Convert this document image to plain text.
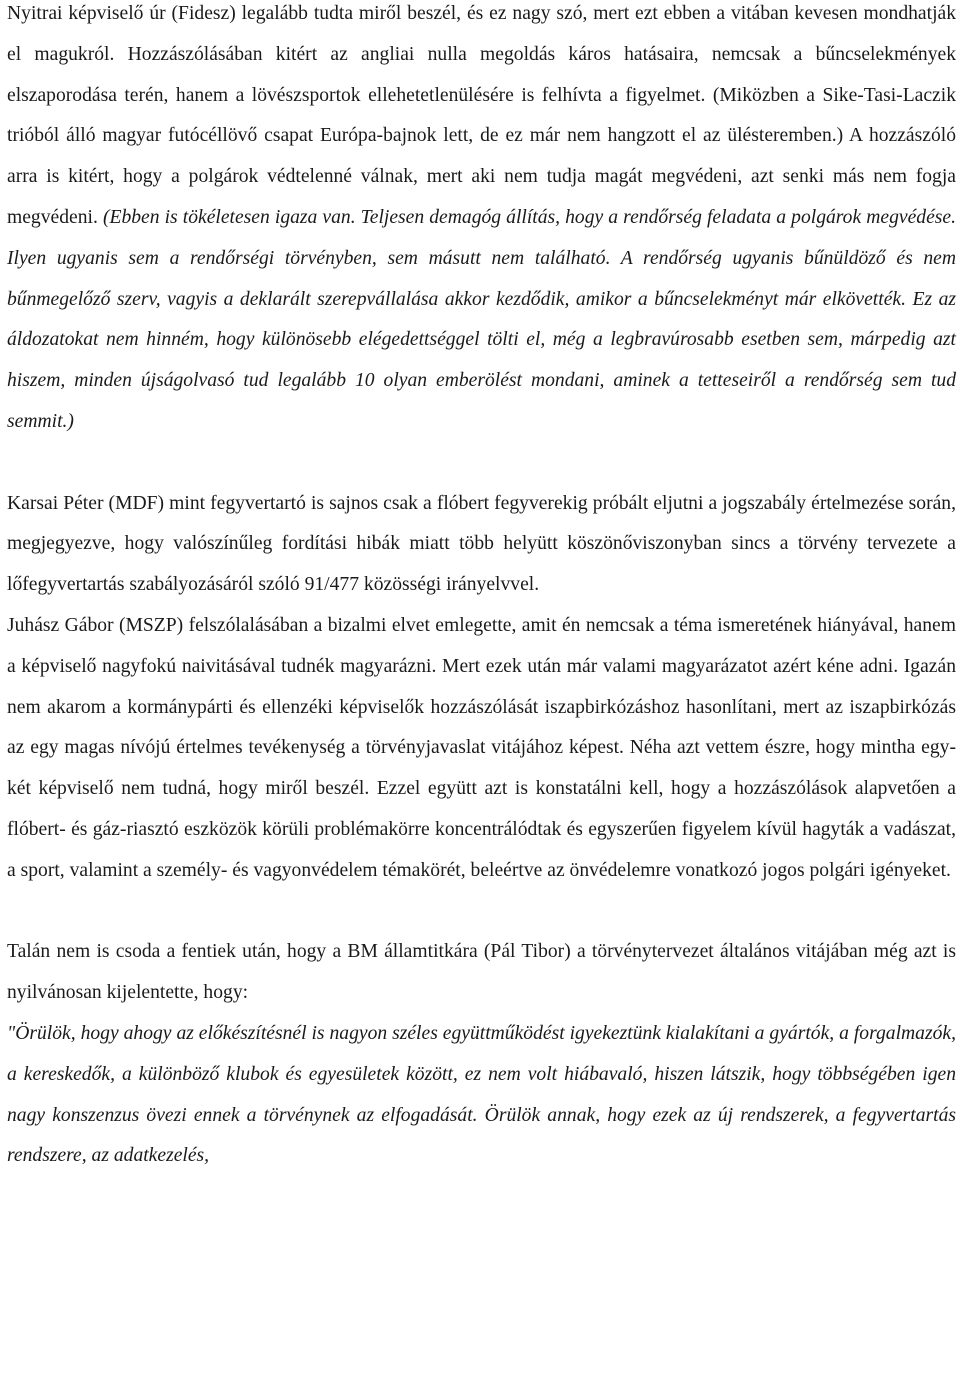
Nyitrai képviselő úr (Fidesz) legalább tudta miről beszél, és ez nagy szó, mert ezt ebben a vitában kevesen mondhatják el magukról. Hozzászólásában kitért az angliai nulla megoldás káros hatásaira, nemcsak a bűncselekmények elszaporodása terén, hanem a lövészsportok ellehetetlenülésére is felhívta a figyelmet. (Miközben a Sike-Tasi-Laczik trióból álló magyar futócéllövő csapat Európa-bajnok lett, de ez már nem hangzott el az ülésteremben.) A hozzászóló arra is kitért, hogy a polgárok védtelenné válnak, mert aki nem tudja magát megvédeni, azt senki más nem fogja megvédeni. (Ebben is tökéletesen igaza van. Teljesen demagóg állítás, hogy a rendőrség feladata a polgárok megvédése. Ilyen ugyanis sem a rendőrségi törvényben, sem másutt nem található. A rendőrség ugyanis bűnüldöző és nem bűnmegelőző szerv, vagyis a deklarált szerepvállalása akkor kezdődik, amikor a bűncselekményt már elkövették. Ez az áldozatokat nem hinném, hogy különösebb elégedettséggel tölti el, még a legbravúrosabb esetben sem, márpedig azt hiszem, minden újságolvasó tud legalább 10 olyan emberölést mondani, aminek a tetteseiről a rendőrség sem tud semmit.)

Karsai Péter (MDF) mint fegyvertartó is sajnos csak a flóbert fegyverekig próbált eljutni a jogszabály értelmezése során, megjegyezve, hogy valószínűleg fordítási hibák miatt több helyütt köszönőviszonyban sincs a törvény tervezete a lőfegyvertartás szabályozásáról szóló 91/477 közösségi irányelvvel.

Juhász Gábor (MSZP) felszólalásában a bizalmi elvet emlegette, amit én nemcsak a téma ismeretének hiányával, hanem a képviselő nagyfokú naivitásával tudnék magyarázni. Mert ezek után már valami magyarázatot azért kéne adni. Igazán nem akarom a kormánypárti és ellenzéki képviselők hozzászólását iszapbirkózáshoz hasonlítani, mert az iszapbirkózás az egy magas nívójú értelmes tevékenység a törvényjavaslat vitájához képest. Néha azt vettem észre, hogy mintha egy-két képviselő nem tudná, hogy miről beszél. Ezzel együtt azt is konstatálni kell, hogy a hozzászólások alapvetően a flóbert- és gáz-riasztó eszközök körüli problémakörre koncentrálódtak és egyszerűen figyelem kívül hagyták a vadászat, a sport, valamint a személy- és vagyonvédelem témakörét, beleértve az önvédelemre vonatkozó jogos polgári igényeket.

Talán nem is csoda a fentiek után, hogy a BM államtitkára (Pál Tibor) a törvénytervezet általános vitájában még azt is nyilvánosan kijelentette, hogy:

"Örülök, hogy ahogy az előkészítésnél is nagyon széles együttműködést igyekeztünk kialakítani a gyártók, a forgalmazók, a kereskedők, a különböző klubok és egyesületek között, ez nem volt hiábavaló, hiszen látszik, hogy többségében igen nagy konszenzus övezi ennek a törvénynek az elfogadását. Örülök annak, hogy ezek az új rendszerek, a fegyvertartás rendszere, az adatkezelés,
